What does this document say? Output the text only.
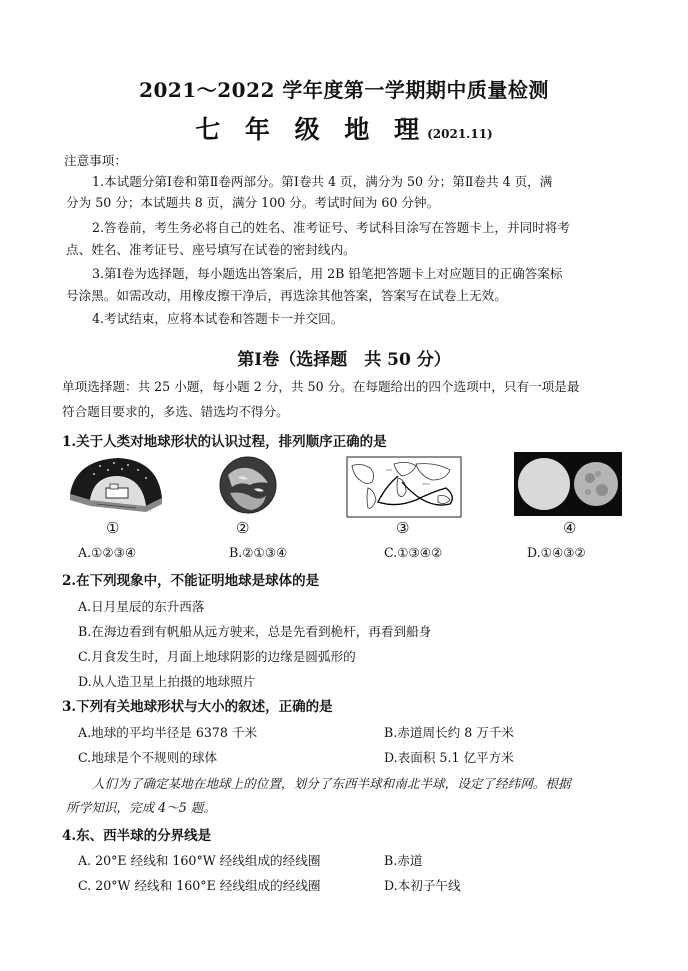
2021～2022 学年度第一学期期中质量检测
七 年 级 地 理(2021.11)
注意事项：
1.本试题分第Ⅰ卷和第Ⅱ卷两部分。第Ⅰ卷共 4 页，满分为 50 分；第Ⅱ卷共 4 页，满
分为 50 分；本试题共 8 页，满分 100 分。考试时间为 60 分钟。
2.答卷前，考生务必将自己的姓名、准考证号、考试科目涂写在答题卡上，并同时将考
点、姓名、准考证号、座号填写在试卷的密封线内。
3.第Ⅰ卷为选择题，每小题选出答案后，用 2B 铅笔把答题卡上对应题目的正确答案标
号涂黑。如需改动，用橡皮擦干净后，再选涂其他答案，答案写在试卷上无效。
4.考试结束，应将本试卷和答题卡一并交回。
第Ⅰ卷（选择题　共 50 分）
单项选择题：共 25 小题，每小题 2 分，共 50 分。在每题给出的四个选项中，只有一项是最
符合题目要求的，多选、错选均不得分。
1.关于人类对地球形状的认识过程，排列顺序正确的是
①	②	③	④
A.①②③④	B.②①③④	C.①③④②	D.①④③②
2.在下列现象中，不能证明地球是球体的是
A.日月星辰的东升西落
B.在海边看到有帆船从远方驶来，总是先看到桅杆，再看到船身
C.月食发生时，月面上地球阴影的边缘是圆弧形的
D.从人造卫星上拍摄的地球照片
3.下列有关地球形状与大小的叙述，正确的是
A.地球的平均半径是 6378 千米	B.赤道周长约 8 万千米
C.地球是个不规则的球体	D.表面积 5.1 亿平方米
人们为了确定某地在地球上的位置，划分了东西半球和南北半球，设定了经纬网。根据
所学知识，完成 4～5 题。
4.东、西半球的分界线是
A. 20°E 经线和 160°W 经线组成的经线圈	B.赤道
C. 20°W 经线和 160°E 经线组成的经线圈	D.本初子午线
